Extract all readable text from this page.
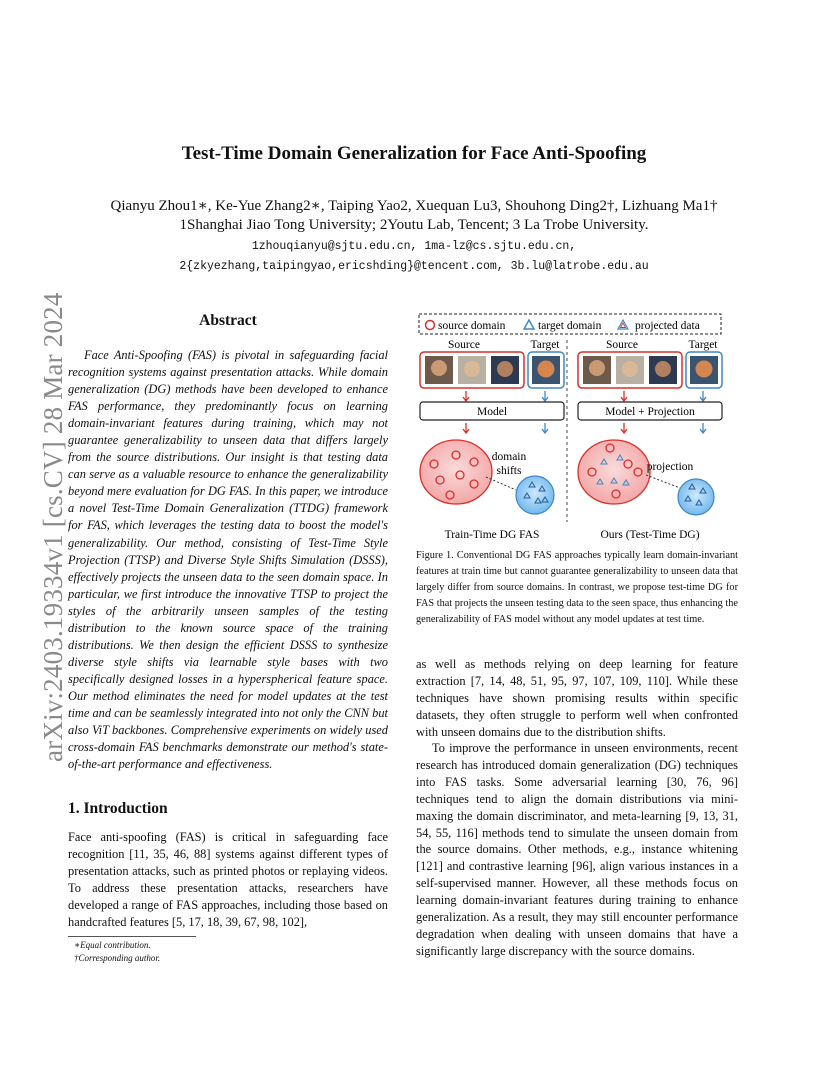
arXiv:2403.19334v1 [cs.CV] 28 Mar 2024
Test-Time Domain Generalization for Face Anti-Spoofing
Qianyu Zhou1∗, Ke-Yue Zhang2∗, Taiping Yao2, Xuequan Lu3, Shouhong Ding2†, Lizhuang Ma1†
1Shanghai Jiao Tong University; 2Youtu Lab, Tencent; 3 La Trobe University.
1zhouqianyu@sjtu.edu.cn, 1ma-lz@cs.sjtu.edu.cn,
2{zkyezhang,taipingyao,ericshding}@tencent.com, 3b.lu@latrobe.edu.au
Abstract
Face Anti-Spoofing (FAS) is pivotal in safeguarding facial recognition systems against presentation attacks. While domain generalization (DG) methods have been developed to enhance FAS performance, they predominantly focus on learning domain-invariant features during training, which may not guarantee generalizability to unseen data that differs largely from the source distributions. Our insight is that testing data can serve as a valuable resource to enhance the generalizability beyond mere evaluation for DG FAS. In this paper, we introduce a novel Test-Time Domain Generalization (TTDG) framework for FAS, which leverages the testing data to boost the model's generalizability. Our method, consisting of Test-Time Style Projection (TTSP) and Diverse Style Shifts Simulation (DSSS), effectively projects the unseen data to the seen domain space. In particular, we first introduce the innovative TTSP to project the styles of the arbitrarily unseen samples of the testing distribution to the known source space of the training distributions. We then design the efficient DSSS to synthesize diverse style shifts via learnable style bases with two specifically designed losses in a hyperspherical feature space. Our method eliminates the need for model updates at the test time and can be seamlessly integrated into not only the CNN but also ViT backbones. Comprehensive experiments on widely used cross-domain FAS benchmarks demonstrate our method's state-of-the-art performance and effectiveness.
1. Introduction
Face anti-spoofing (FAS) is critical in safeguarding face recognition [11, 35, 46, 88] systems against different types of presentation attacks, such as printed photos or replaying videos. To address these presentation attacks, researchers have developed a range of FAS approaches, including those based on handcrafted features [5, 17, 18, 39, 67, 98, 102],
∗Equal contribution.
†Corresponding author.
source domain	target domain	projected data
Source	Target	Source	Target
Model	Model + Projection
domain
shifts
Train-Time DG FAS
projection
Ours (Test-Time DG)
Figure 1. Conventional DG FAS approaches typically learn domain-invariant features at train time but cannot guarantee generalizability to unseen data that largely differ from source domains. In contrast, we propose test-time DG for FAS that projects the unseen testing data to the seen space, thus enhancing the generalizability of FAS model without any model updates at test time.
as well as methods relying on deep learning for feature extraction [7, 14, 48, 51, 95, 97, 107, 109, 110]. While these techniques have shown promising results within specific datasets, they often struggle to perform well when confronted with unseen domains due to the distribution shifts.
To improve the performance in unseen environments, recent research has introduced domain generalization (DG) techniques into FAS tasks. Some adversarial learning [30, 76, 96] techniques tend to align the domain distributions via mini-maxing the domain discriminator, and meta-learning [9, 13, 31, 54, 55, 116] methods tend to simulate the unseen domain from the source domains. Other methods, e.g., instance whitening [121] and contrastive learning [96], align various instances in a self-supervised manner. However, all these methods focus on learning domain-invariant features during training to enhance generalization. As a result, they may still encounter performance degradation when dealing with unseen domains that have a significantly large discrepancy with the source domains.
